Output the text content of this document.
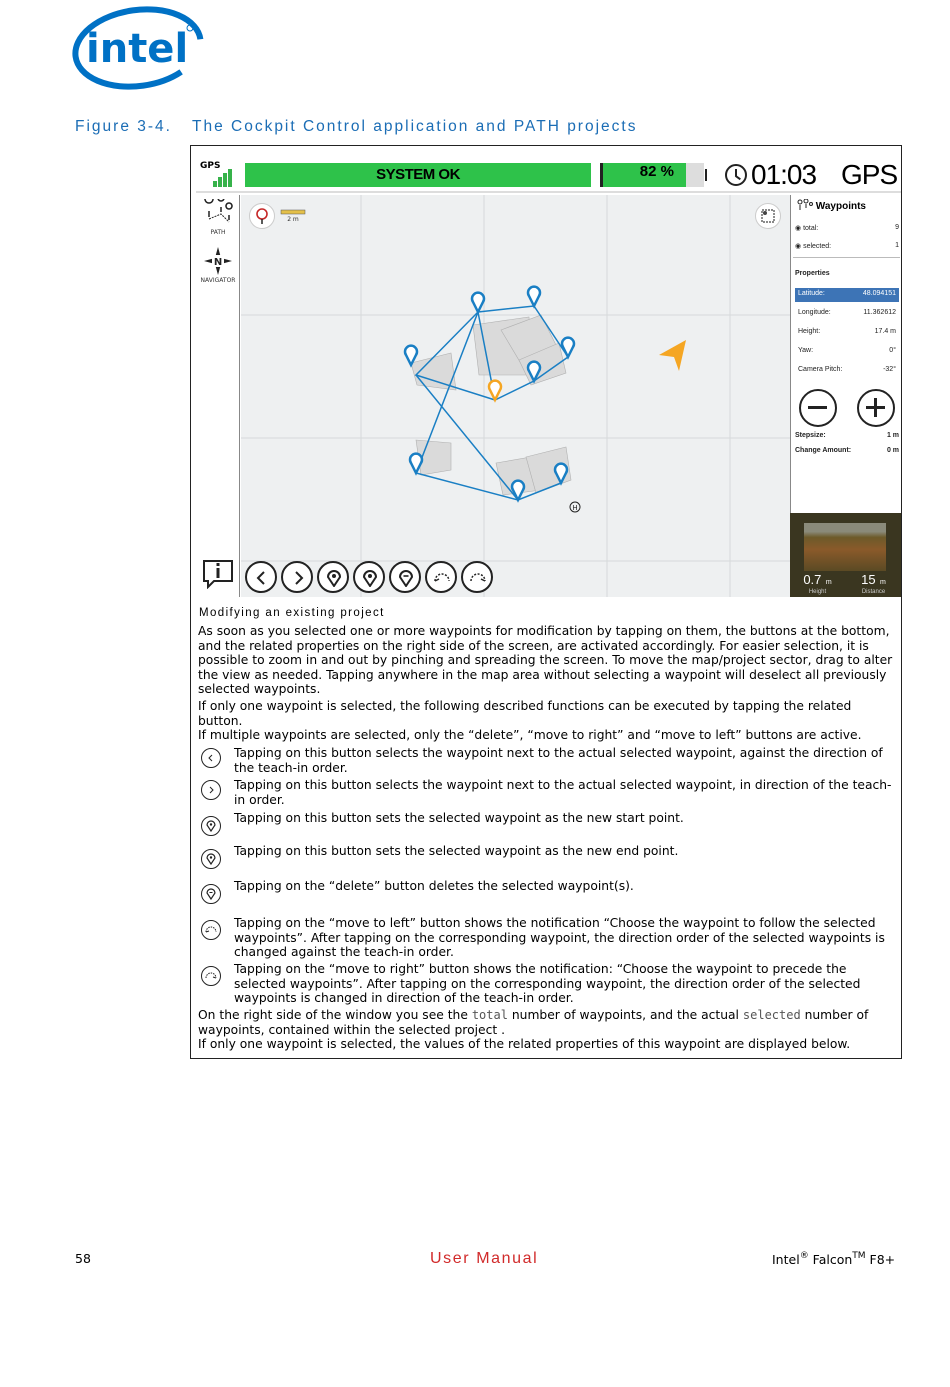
intel
Figure 3-4. The Cockpit Control application and PATH projects
GPS	SYSTEM OK	82 %	01:03 GPS
PATH
N
NAVIGATOR
H
2 m
Waypoints
◉ total:	9
◉ selected:	1
Properties
Latitude:	48.094151
Longitude:	11.362612
Height:	17.4 m
Yaw:	0°
Camera Pitch:	-32°
Stepsize:	1 m
Change Amount:	0 m
0.7 m
Height
15 m
Distance
Modifying an existing project
As soon as you selected one or more waypoints for modification by tapping on them, the buttons at the bottom, and the related properties on the right side of the screen, are activated accordingly. For easier selection, it is possible to zoom in and out by pinching and spreading the screen. To move the map/project sector, drag to alter the view as needed. Tapping anywhere in the map area without selecting a waypoint will deselect all previously selected waypoints.
If only one waypoint is selected, the following described functions can be executed by tapping the related button.
If multiple waypoints are selected, only the “delete”, “move to right” and “move to left” buttons are active.
Tapping on this button selects the waypoint next to the actual selected waypoint, against the direction of the teach-in order.
Tapping on this button selects the waypoint next to the actual selected waypoint, in direction of the teach-in order.
Tapping on this button sets the selected waypoint as the new start point.
Tapping on this button sets the selected waypoint as the new end point.
Tapping on the “delete” button deletes the selected waypoint(s).
Tapping on the “move to left” button shows the notification “Choose the waypoint to follow the selected waypoints”. After tapping on the corresponding waypoint, the direction order of the selected waypoints is changed against the teach-in order.
Tapping on the “move to right” button shows the notification: “Choose the waypoint to precede the selected waypoints”. After tapping on the corresponding waypoint, the direction order of the selected waypoints is changed in direction of the teach-in order.
On the right side of the window you see the total number of waypoints, and the actual selected number of waypoints, contained within the selected project .
If only one waypoint is selected, the values of the related properties of this waypoint are displayed below.
58	User Manual	Intel® Falcon™ F8+
